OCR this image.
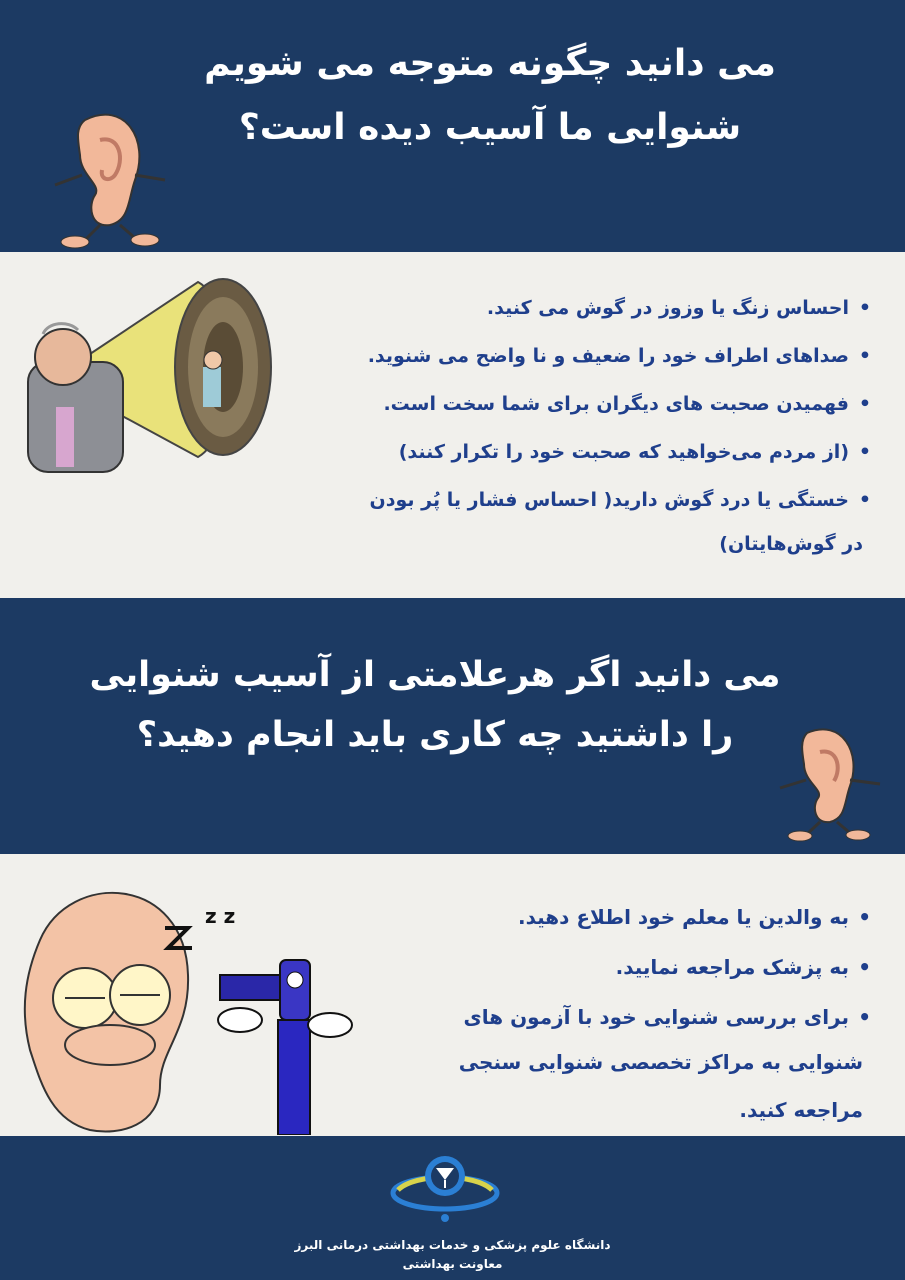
می دانید چگونه متوجه می شویم
شنوایی ما آسیب دیده است؟
• احساس زنگ یا وزوز در گوش می کنید.
• صداهای اطراف خود را ضعیف و نا واضح می شنوید.
• فهمیدن صحبت های دیگران برای شما سخت است.
• (از مردم می‌خواهید که صحبت خود را تکرار کنند)
• خستگی یا درد گوش دارید( احساس فشار یا پُر بودن
در گوش‌هایتان)
می دانید اگر هرعلامتی از آسیب شنوایی
را داشتید چه کاری باید انجام دهید؟
z z
•	به والدین یا معلم خود اطلاع دهید.
• به پزشک مراجعه نمایید.
• برای بررسی شنوایی خود با آزمون های
شنوایی به مراکز تخصصی شنوایی سنجی
مراجعه کنید.
دانشگاه علوم پزشکی و خدمات بهداشتی درمانی البرز
معاونت بهداشتی
